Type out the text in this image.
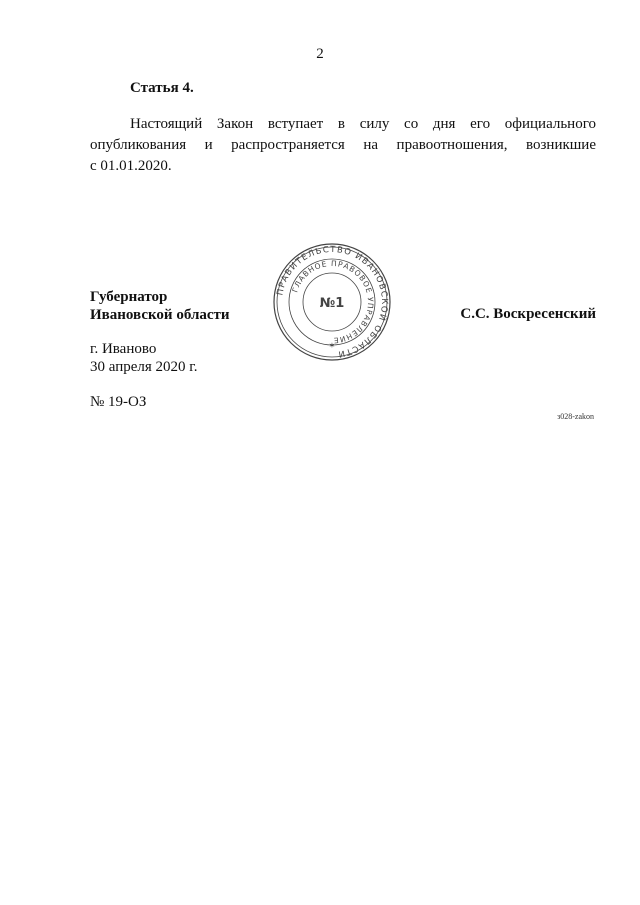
2
Статья 4.

Настоящий Закон вступает в силу со дня его официального
опубликования и распространяется на правоотношения, возникшие
с 01.01.2020.

Губернатор
Ивановской области
ПРАВИТЕЛЬСТВО ИВАНОВСКОЙ ОБЛАСТИ
ГЛАВНОЕ ПРАВОВОЕ УПРАВЛЕНИЕ
№1
✶
С.С. Воскресенский
г. Иваново
30 апреля 2020 г.
№ 19-ОЗ
з028-zakon
